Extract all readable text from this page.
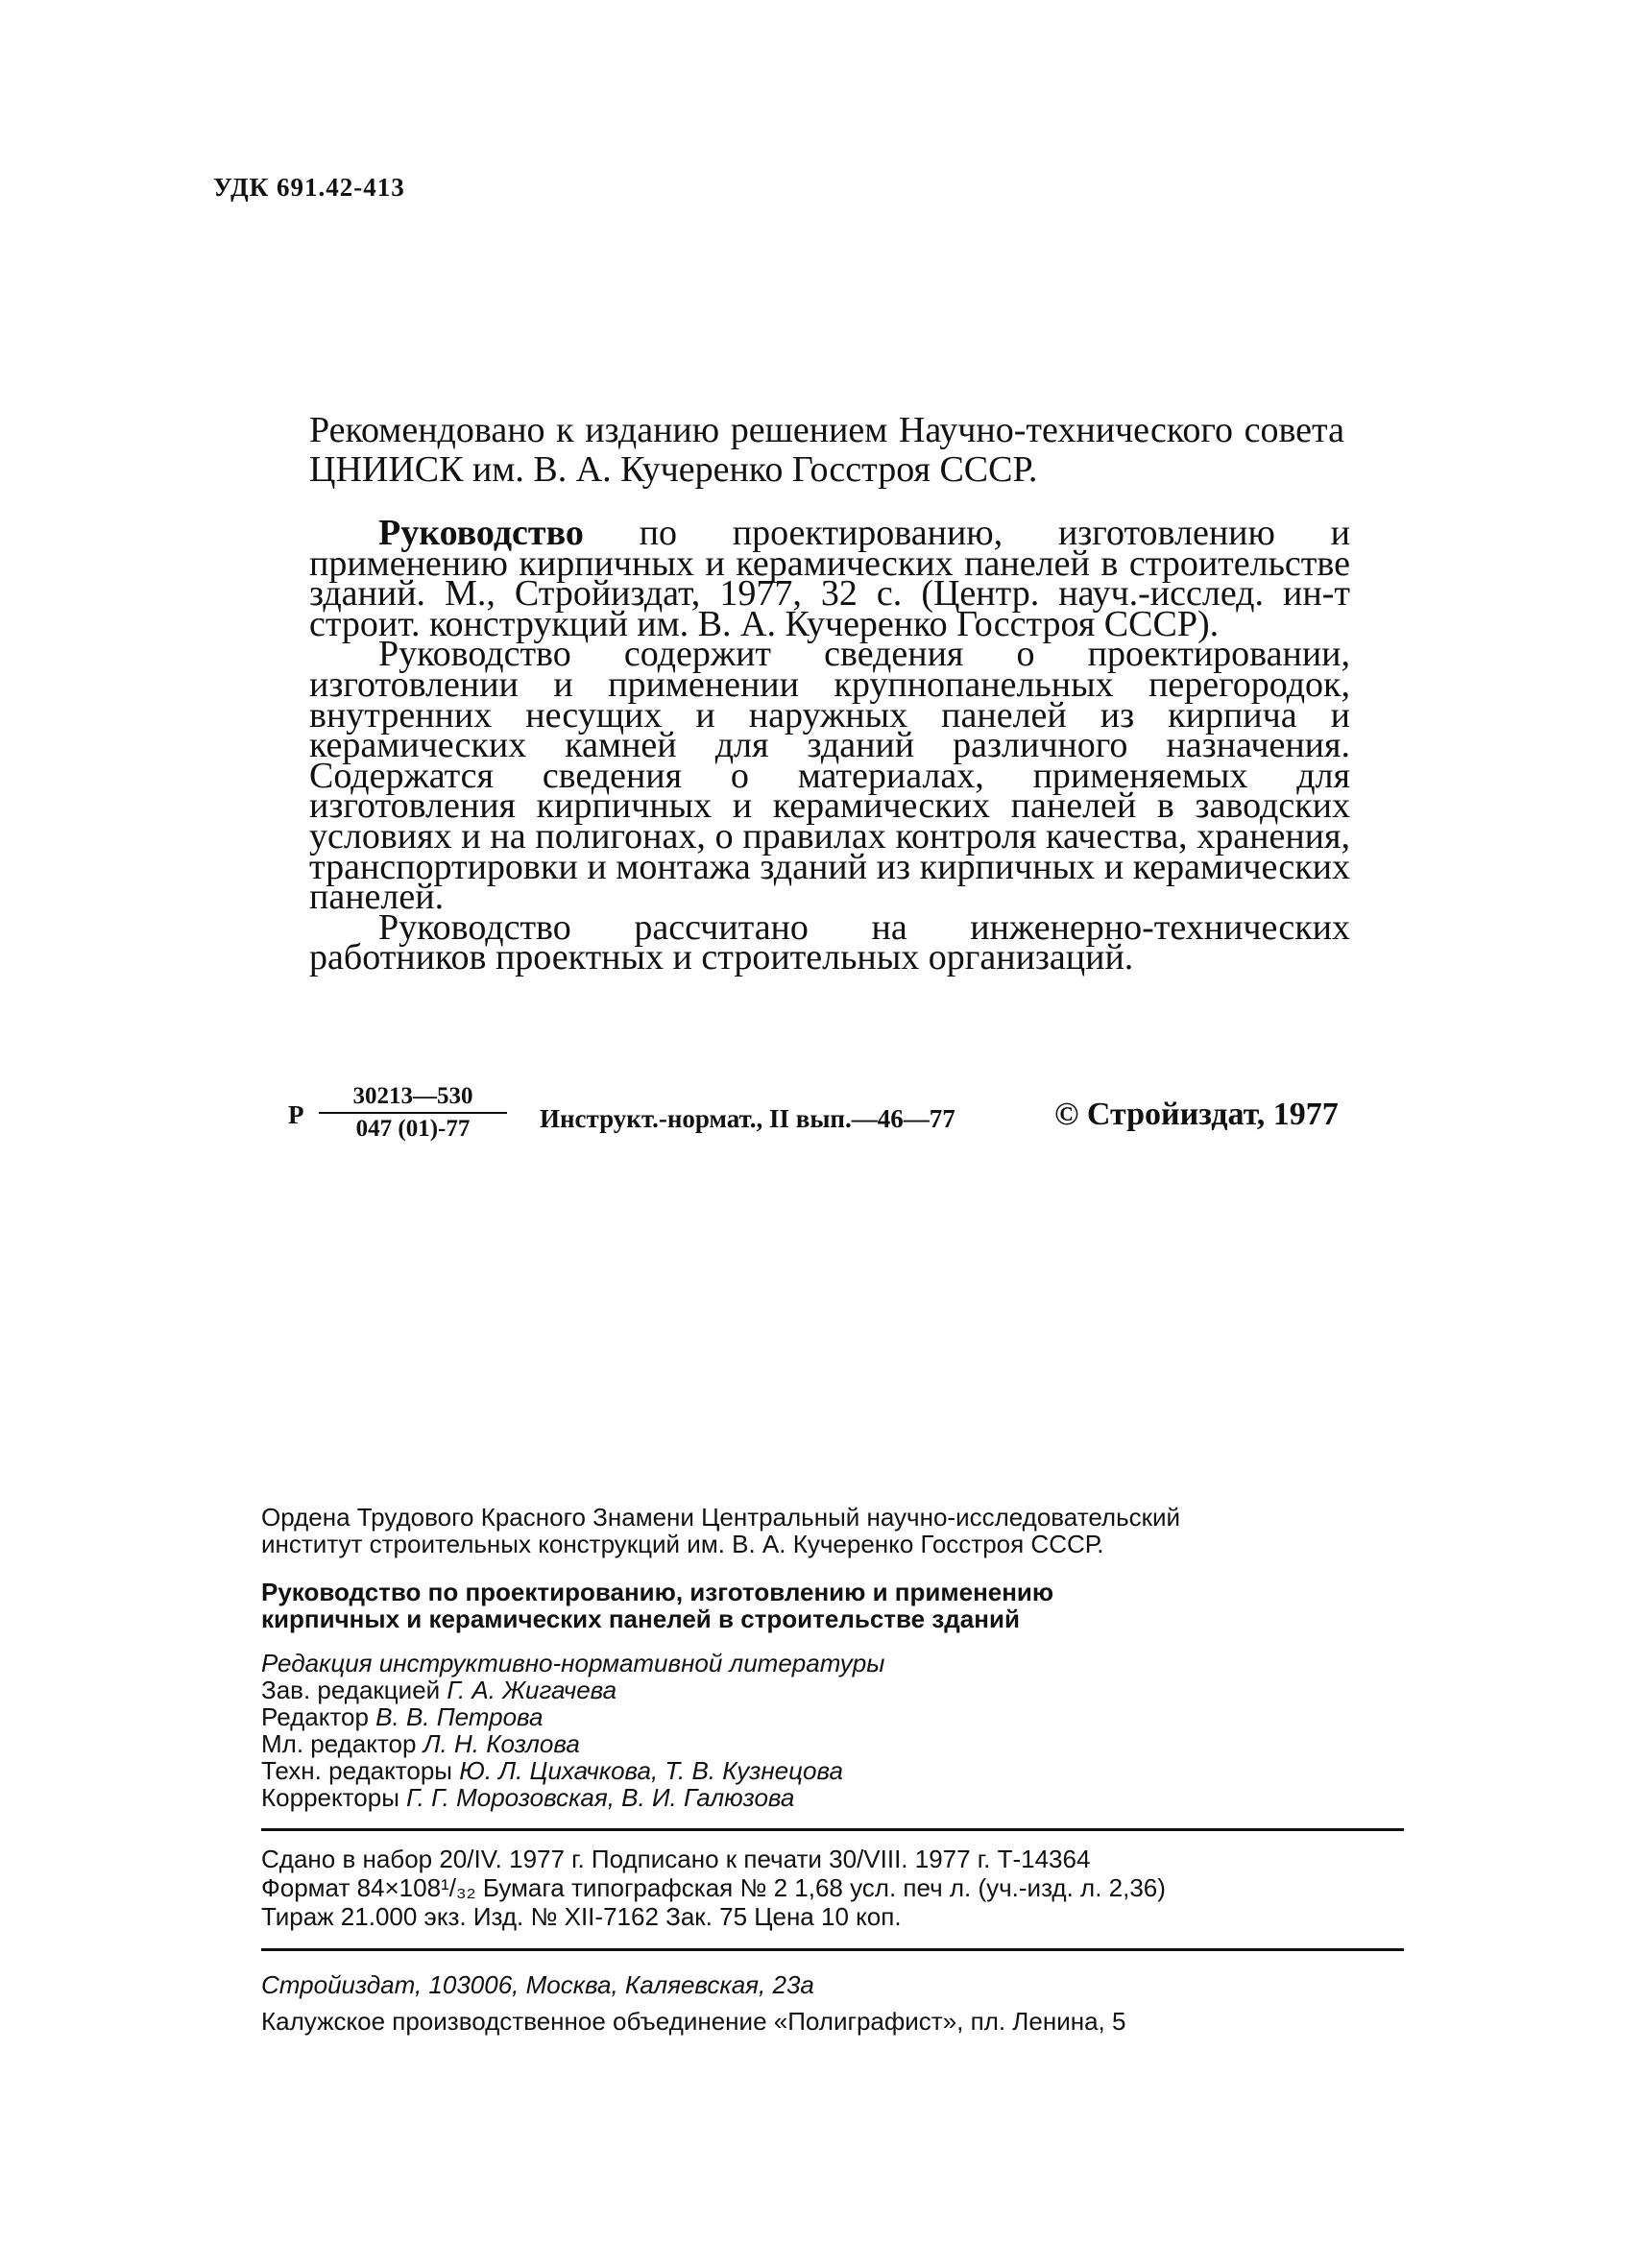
УДК 691.42-413
Рекомендовано к изданию решением Научно-технического совета ЦНИИСК им. В. А. Кучеренко Госстроя СССР.

Руководство по проектированию, изготовлению и применению кирпичных и керамических панелей в строительстве зданий. М., Стройиздат, 1977, 32 с. (Центр. науч.-исслед. ин-т строит. конструкций им. В. А. Кучеренко Госстроя СССР).

Руководство содержит сведения о проектировании, изготовлении и применении крупнопанельных перегородок, внутренних несущих и наружных панелей из кирпича и керамических камней для зданий различного назначения. Содержатся сведения о материалах, применяемых для изготовления кирпичных и керамических панелей в заводских условиях и на полигонах, о правилах контроля качества, хранения, транспортировки и монтажа зданий из кирпичных и керамических панелей.

Руководство рассчитано на инженерно-технических работников проектных и строительных организаций.

Р $\frac{30213—530}{047 (01)-77}$ Инструкт.-нормат., II вып.—46—77	© Стройиздат, 1977
Ордена Трудового Красного Знамени Центральный научно-исследовательский
институт строительных конструкций им. В. А. Кучеренко Госстроя СССР.
Руководство по проектированию, изготовлению и применению
кирпичных и керамических панелей в строительстве зданий
Редакция инструктивно-нормативной литературы
Зав. редакцией Г. А. Жигачева
Редактор В. В. Петрова
Мл. редактор Л. Н. Козлова
Техн. редакторы Ю. Л. Цихачкова, Т. В. Кузнецова
Корректоры Г. Г. Морозовская, В. И. Галюзова
Сдано в набор 20/IV. 1977 г. Подписано к печати 30/VIII. 1977 г. Т-14364
Формат 84×108¹/₃₂ Бумага типографская № 2 1,68 усл. печ л. (уч.-изд. л. 2,36)
Тираж 21.000 экз. Изд. № XII-7162 Зак. 75 Цена 10 коп.
Стройиздат, 103006, Москва, Каляевская, 23а
Калужское производственное объединение «Полиграфист», пл. Ленина, 5
